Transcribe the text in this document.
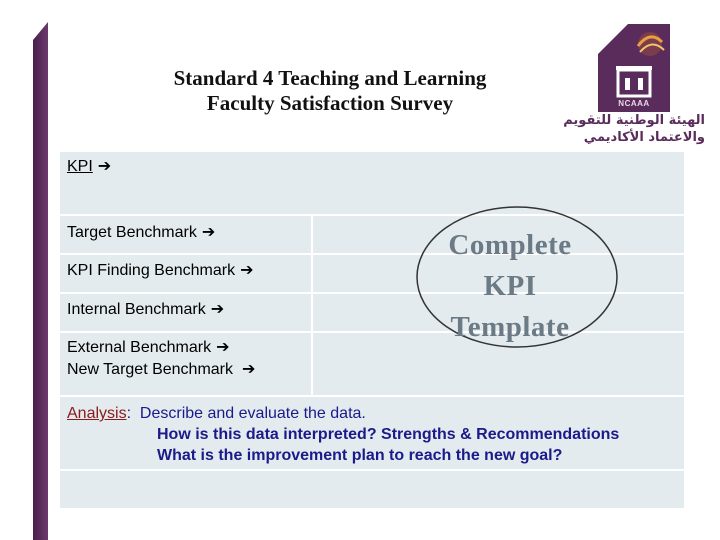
Standard 4 Teaching and Learning
Faculty Satisfaction Survey	NCAAA
الهيئة الوطنية للتقويم
والاعتماد الأكاديمي
KPI ➔
Target Benchmark ➔
KPI Finding Benchmark ➔
Internal Benchmark ➔
External Benchmark ➔
New Target Benchmark ➔
Analysis: Describe and evaluate the data.
How is this data interpreted? Strengths & Recommendations
What is the improvement plan to reach the new goal?
Complete
KPI
Template
